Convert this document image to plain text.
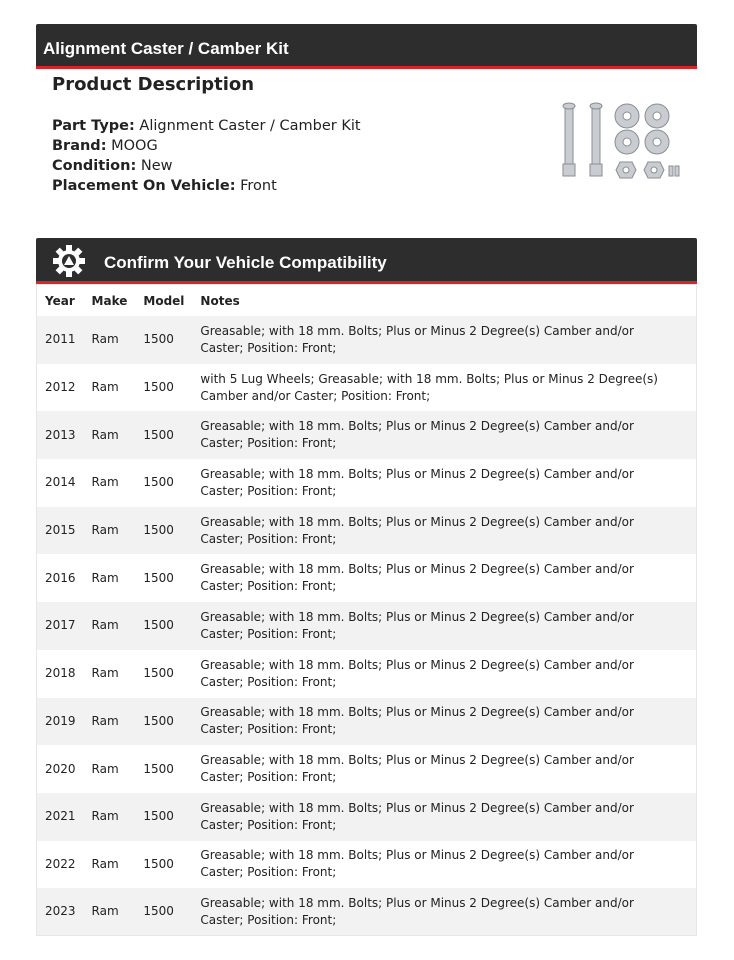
Alignment Caster / Camber Kit
Product Description
Part Type: Alignment Caster / Camber Kit
Brand: MOOG
Condition: New
Placement On Vehicle: Front
Confirm Your Vehicle Compatibility
Year	Make	Model	Notes
2011	Ram	1500	Greasable; with 18 mm. Bolts; Plus or Minus 2 Degree(s) Camber and/or Caster; Position: Front;
2012	Ram	1500	with 5 Lug Wheels; Greasable; with 18 mm. Bolts; Plus or Minus 2 Degree(s) Camber and/or Caster; Position: Front;
2013	Ram	1500	Greasable; with 18 mm. Bolts; Plus or Minus 2 Degree(s) Camber and/or Caster; Position: Front;
2014	Ram	1500	Greasable; with 18 mm. Bolts; Plus or Minus 2 Degree(s) Camber and/or Caster; Position: Front;
2015	Ram	1500	Greasable; with 18 mm. Bolts; Plus or Minus 2 Degree(s) Camber and/or Caster; Position: Front;
2016	Ram	1500	Greasable; with 18 mm. Bolts; Plus or Minus 2 Degree(s) Camber and/or Caster; Position: Front;
2017	Ram	1500	Greasable; with 18 mm. Bolts; Plus or Minus 2 Degree(s) Camber and/or Caster; Position: Front;
2018	Ram	1500	Greasable; with 18 mm. Bolts; Plus or Minus 2 Degree(s) Camber and/or Caster; Position: Front;
2019	Ram	1500	Greasable; with 18 mm. Bolts; Plus or Minus 2 Degree(s) Camber and/or Caster; Position: Front;
2020	Ram	1500	Greasable; with 18 mm. Bolts; Plus or Minus 2 Degree(s) Camber and/or Caster; Position: Front;
2021	Ram	1500	Greasable; with 18 mm. Bolts; Plus or Minus 2 Degree(s) Camber and/or Caster; Position: Front;
2022	Ram	1500	Greasable; with 18 mm. Bolts; Plus or Minus 2 Degree(s) Camber and/or Caster; Position: Front;
2023	Ram	1500	Greasable; with 18 mm. Bolts; Plus or Minus 2 Degree(s) Camber and/or Caster; Position: Front;
